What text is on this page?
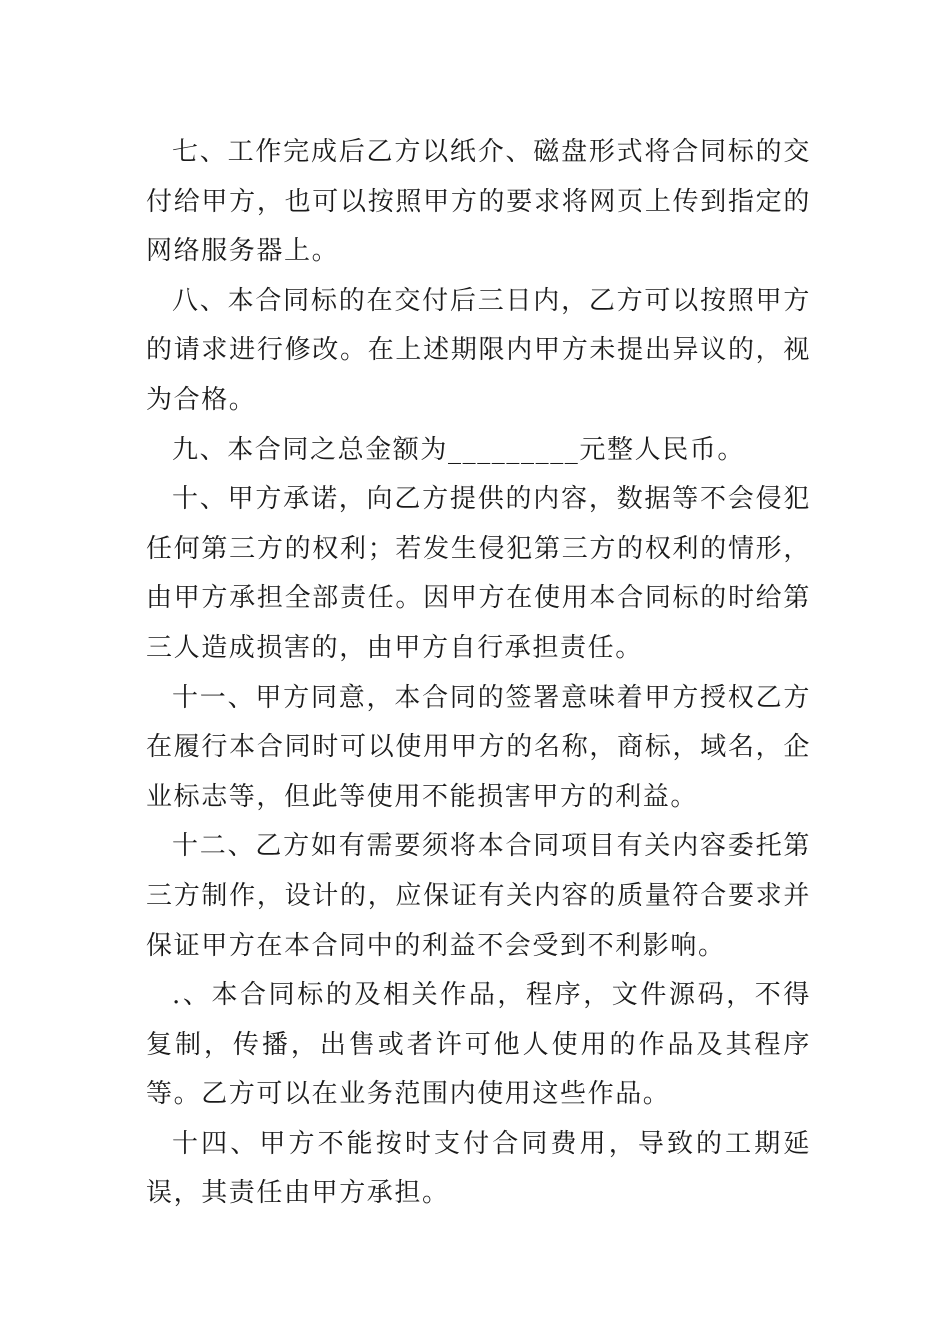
七、工作完成后乙方以纸介、磁盘形式将合同标的交付给甲方，也可以按照甲方的要求将网页上传到指定的网络服务器上。

八、本合同标的在交付后三日内，乙方可以按照甲方的请求进行修改。在上述期限内甲方未提出异议的，视为合格。

九、本合同之总金额为_________元整人民币。

十、甲方承诺，向乙方提供的内容，数据等不会侵犯任何第三方的权利；若发生侵犯第三方的权利的情形，由甲方承担全部责任。因甲方在使用本合同标的时给第三人造成损害的，由甲方自行承担责任。

十一、甲方同意，本合同的签署意味着甲方授权乙方在履行本合同时可以使用甲方的名称，商标，域名，企业标志等，但此等使用不能损害甲方的利益。

十二、乙方如有需要须将本合同项目有关内容委托第三方制作，设计的，应保证有关内容的质量符合要求并保证甲方在本合同中的利益不会受到不利影响。

.、本合同标的及相关作品，程序，文件源码，不得复制，传播，出售或者许可他人使用的作品及其程序等。乙方可以在业务范围内使用这些作品。

十四、甲方不能按时支付合同费用，导致的工期延误，其责任由甲方承担。
